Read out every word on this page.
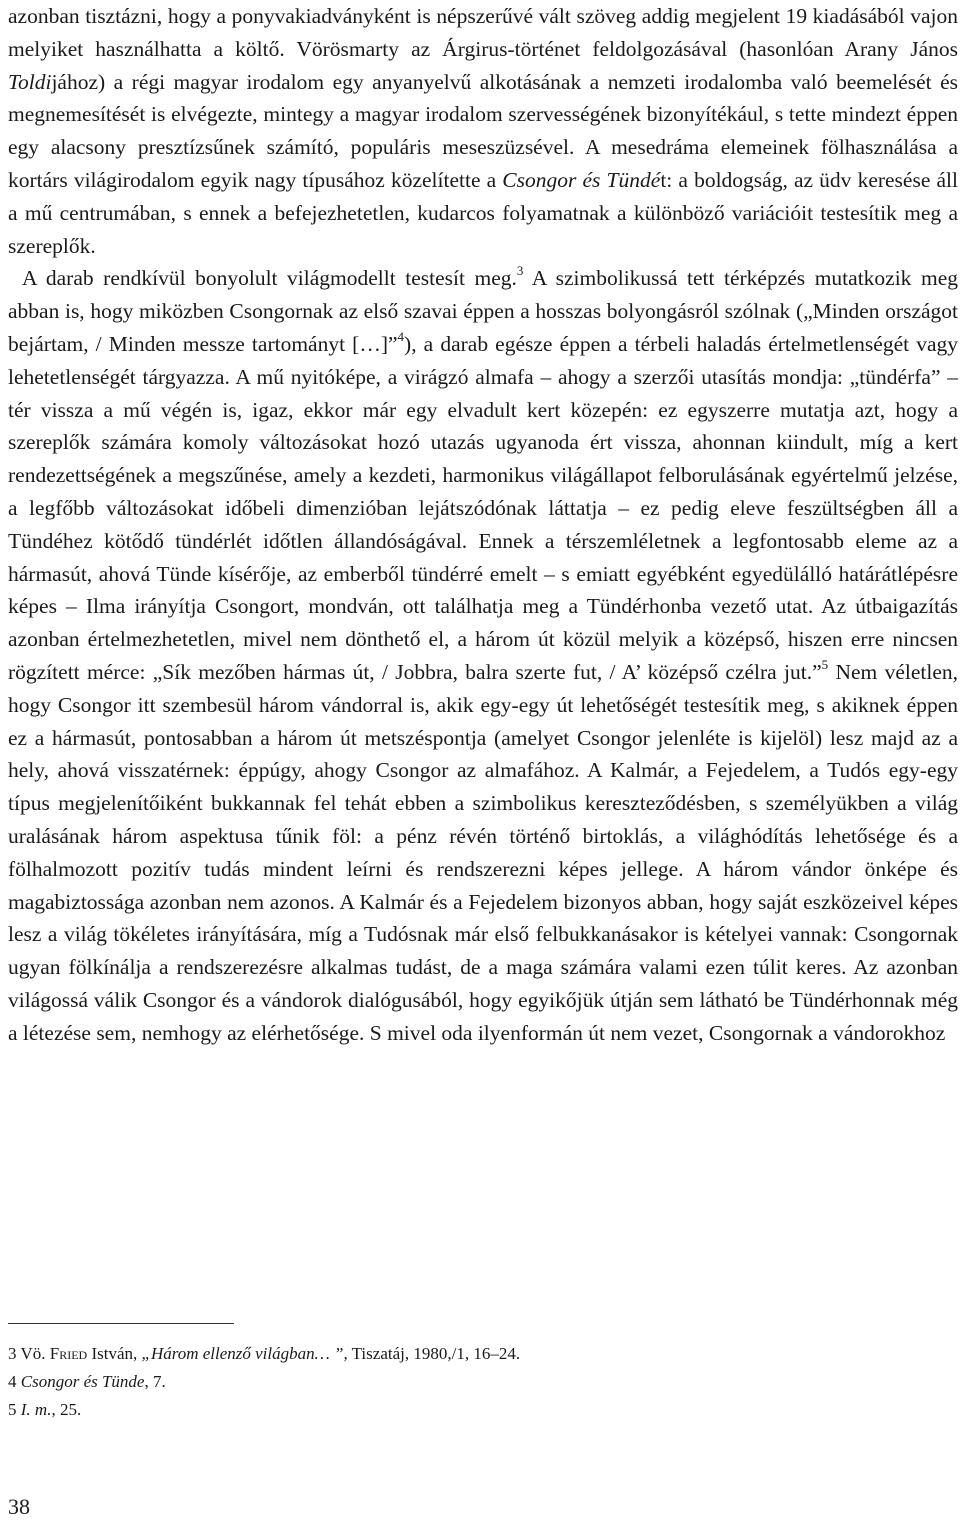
azonban tisztázni, hogy a ponyvakiadványként is népszerűvé vált szöveg addig megjelent 19 kiadásából vajon melyiket használhatta a költő. Vörösmarty az Árgirus-történet feldolgozásával (hasonlóan Arany János Toldijához) a régi magyar irodalom egy anyanyelvű alkotásának a nemzeti irodalomba való beemelését és megnemesítését is elvégezte, mintegy a magyar irodalom szervességének bizonyítékául, s tette mindezt éppen egy alacsony presztízsűnek számító, populáris meseszüzsével. A mesedráma elemeinek fölhasználása a kortárs világirodalom egyik nagy típusához közelítette a Csongor és Tündét: a boldogság, az üdv keresése áll a mű centrumában, s ennek a befejezhetetlen, kudarcos folyamatnak a különböző variációit testesítik meg a szereplők.

A darab rendkívül bonyolult világmodellt testesít meg.$^3$ A szimbolikussá tett térképzés mutatkozik meg abban is, hogy miközben Csongornak az első szavai éppen a hosszas bolyongásról szólnak („Minden országot bejártam, / Minden messze tartományt […]”$^4$), a darab egésze éppen a térbeli haladás értelmetlenségét vagy lehetetlenségét tárgyazza. A mű nyitóképe, a virágzó almafa – ahogy a szerzői utasítás mondja: „tündérfa” – tér vissza a mű végén is, igaz, ekkor már egy elvadult kert közepén: ez egyszerre mutatja azt, hogy a szereplők számára komoly változásokat hozó utazás ugyanoda ért vissza, ahonnan kiindult, míg a kert rendezettségének a megszűnése, amely a kezdeti, harmonikus világállapot felborulásának egyértelmű jelzése, a legfőbb változásokat időbeli dimenzióban lejátszódónak láttatja – ez pedig eleve feszültségben áll a Tündéhez kötődő tündérlét időtlen állandóságával. Ennek a térszemléletnek a legfontosabb eleme az a hármasút, ahová Tünde kísérője, az emberből tündérré emelt – s emiatt egyébként egyedülálló határátlépésre képes – Ilma irányítja Csongort, mondván, ott találhatja meg a Tündérhonba vezető utat. Az útbaigazítás azonban értelmezhetetlen, mivel nem dönthető el, a három út közül melyik a középső, hiszen erre nincsen rögzített mérce: „Sík mezőben hármas út, / Jobbra, balra szerte fut, / A’ középső czélra jut.”$^5$ Nem véletlen, hogy Csongor itt szembesül három vándorral is, akik egy-egy út lehetőségét testesítik meg, s akiknek éppen ez a hármasút, pontosabban a három út metszéspontja (amelyet Csongor jelenléte is kijelöl) lesz majd az a hely, ahová visszatérnek: éppúgy, ahogy Csongor az almafához. A Kalmár, a Fejedelem, a Tudós egy-egy típus megjelenítőiként bukkannak fel tehát ebben a szimbolikus kereszteződésben, s személyükben a világ uralásának három aspektusa tűnik föl: a pénz révén történő birtoklás, a világhódítás lehetősége és a fölhalmozott pozitív tudás mindent leírni és rendszerezni képes jellege. A három vándor önképe és magabiztossága azonban nem azonos. A Kalmár és a Fejedelem bizonyos abban, hogy saját eszközeivel képes lesz a világ tökéletes irányítására, míg a Tudósnak már első felbukkanásakor is kételyei vannak: Csongornak ugyan fölkínálja a rendszerezésre alkalmas tudást, de a maga számára valami ezen túlit keres. Az azonban világossá válik Csongor és a vándorok dialógusából, hogy egyikőjük útján sem látható be Tündérhonnak még a létezése sem, nemhogy az elérhetősége. S mivel oda ilyenformán út nem vezet, Csongornak a vándorokhoz

3 Vö. Fried István, „Három ellenző világban… ”, Tiszatáj, 1980,/1, 16–24.
4 Csongor és Tünde, 7.
5 I. m., 25.
38
